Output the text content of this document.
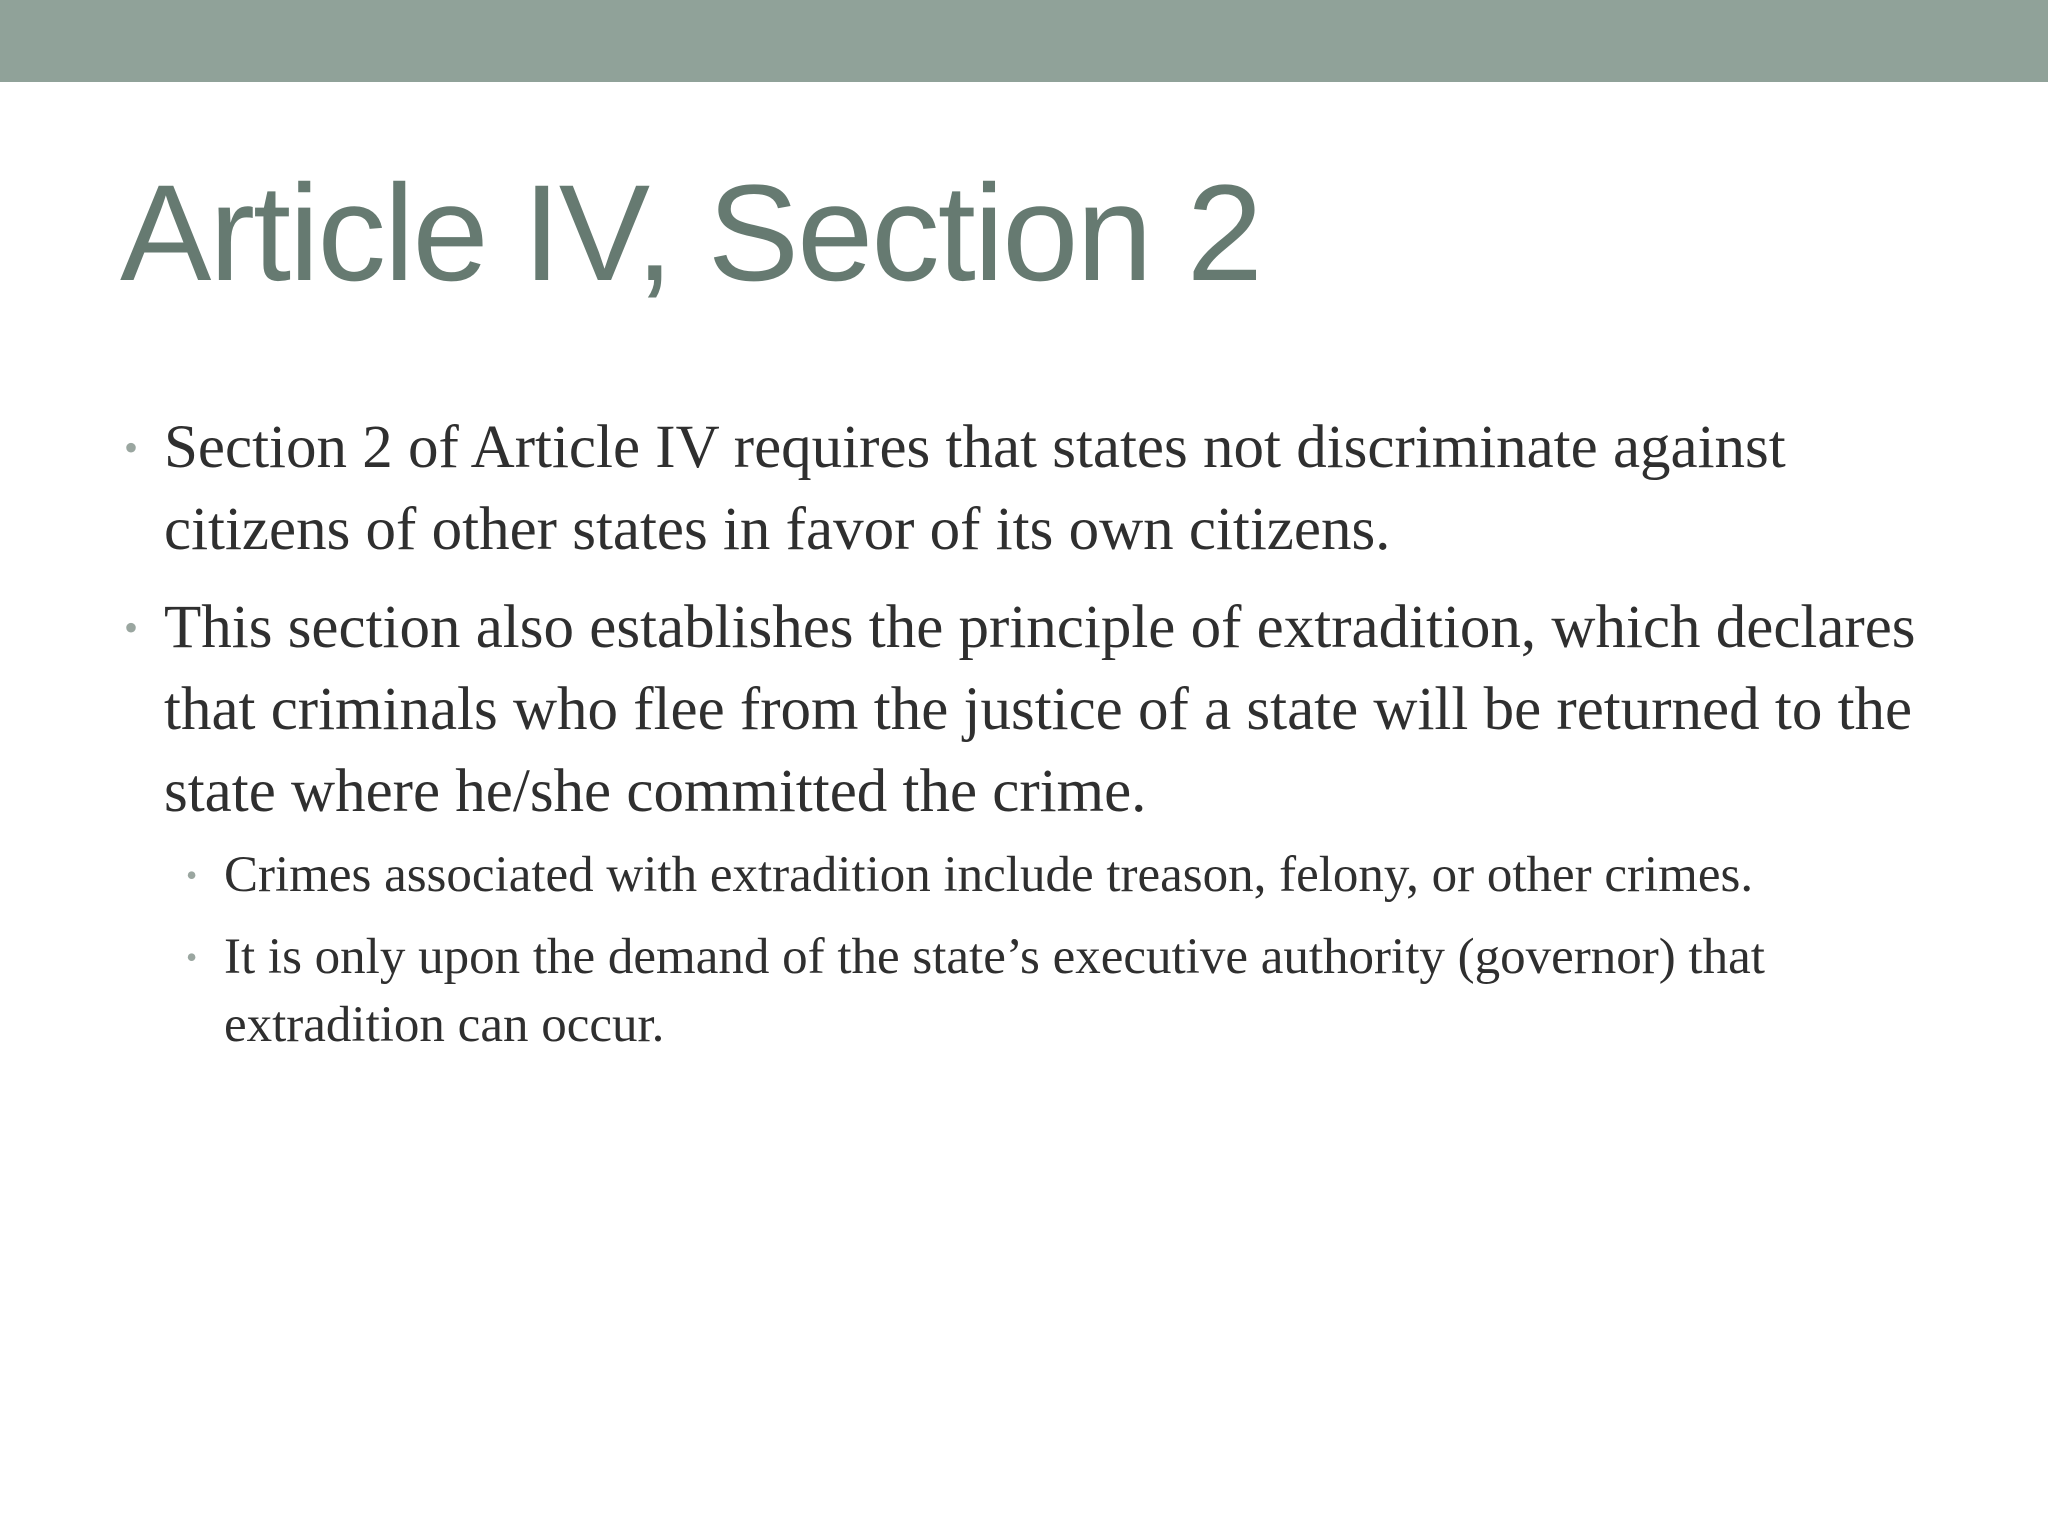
Article IV, Section 2
• Section 2 of Article IV requires that states not discriminate against citizens of other states in favor of its own citizens.
• This section also establishes the principle of extradition, which declares that criminals who flee from the justice of a state will be returned to the state where he/she committed the crime.
• Crimes associated with extradition include treason, felony, or other crimes.
• It is only upon the demand of the state’s executive authority (governor) that extradition can occur.
